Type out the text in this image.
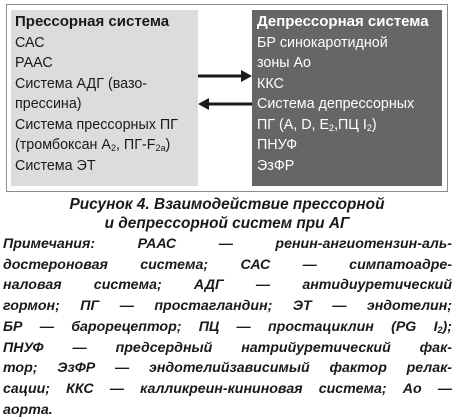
Прессорная система
САС
РААС
Система АДГ (вазо-
прессина)
Система прессорных ПГ
(тромбоксан $A_2$, $ПГ-F_{2a}$)
Система ЭТ
Депрессорная система
БР синокаротидной
зоны Ao
ККС
Система депрессорных
ПГ (A, D, $E_2,ПЦ$ $I_2$)
ПНУФ
ЭзФР
Рисунок 4. Взаимодействие прессорной
и депрессорной систем при АГ
Примечания: РААС — ренин-ангиотензин-аль-
достероновая система; САС — симпатоадре-
наловая система; АДГ — антидиуретический
гормон; ПГ — простагландин; ЭТ — эндотелин;
БР — барорецептор; ПЦ — простациклин (PG $I_2$);
ПНУФ — предсердный натрийуретический фак-
тор; ЭзФР — эндотелийзависимый фактор релак-
сации; ККС — калликреин-кининовая система; Ao —
аорта.
